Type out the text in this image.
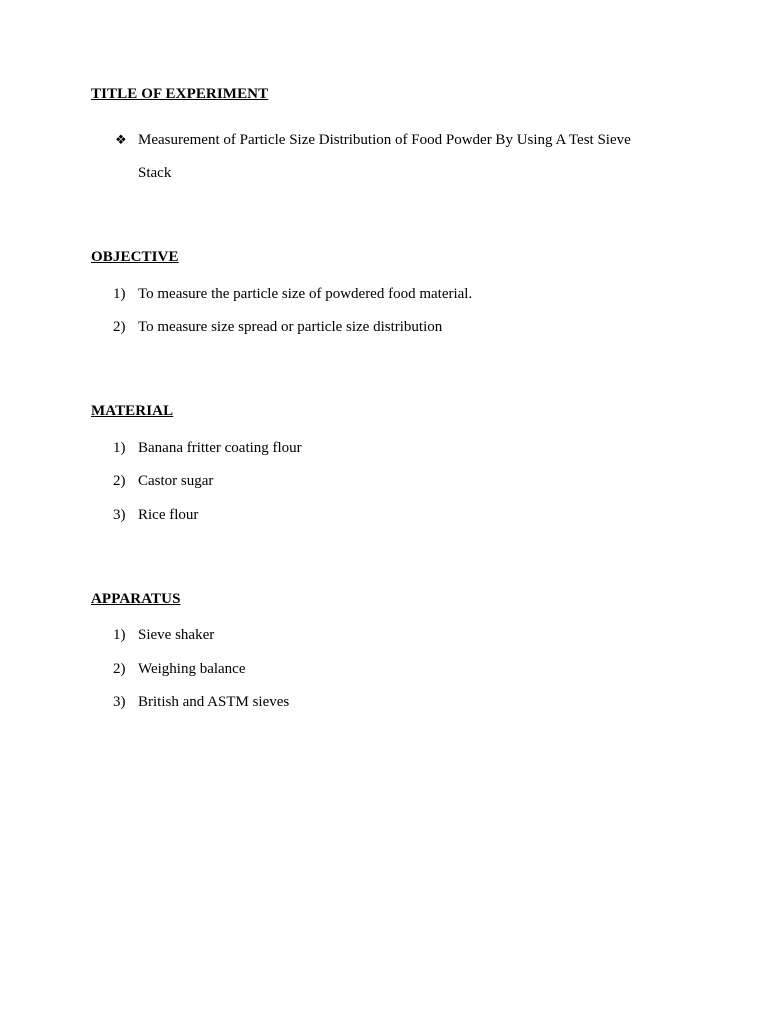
TITLE OF EXPERIMENT
❖ Measurement of Particle Size Distribution of Food Powder By Using A Test Sieve
Stack
OBJECTIVE
1) To measure the particle size of powdered food material.
2) To measure size spread or particle size distribution
MATERIAL
1) Banana fritter coating flour
2) Castor sugar
3) Rice flour
APPARATUS
1) Sieve shaker
2) Weighing balance
3) British and ASTM sieves
